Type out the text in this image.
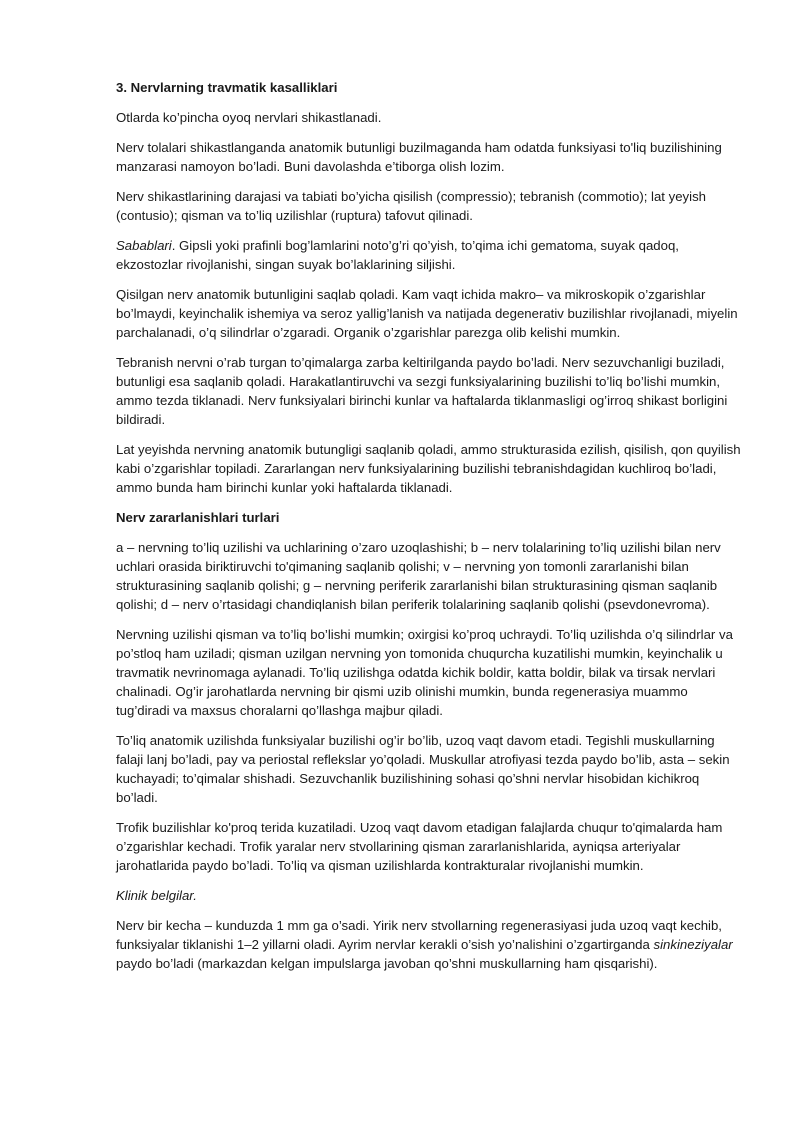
3. Nervlarning travmatik kasalliklari

Otlarda ko’pincha oyoq nervlari shikastlanadi.

Nerv tolalari shikastlanganda anatomik butunligi buzilmaganda ham odatda funksiyasi to'liq buzilishining manzarasi namoyon bo’ladi. Buni davolashda e’tiborga olish lozim.

Nerv shikastlarining darajasi va tabiati bo’yicha qisilish (compressio); tebranish (commotio); lat yeyish (contusio); qisman va to’liq uzilishlar (ruptura) tafovut qilinadi.

Sabablari. Gipsli yoki prafinli bog’lamlarini noto’g’ri qo’yish, to’qima ichi gematoma, suyak qadoq, ekzostozlar rivojlanishi, singan suyak bo’laklarining siljishi.

Qisilgan nerv anatomik butunligini saqlab qoladi. Kam vaqt ichida makro– va mikroskopik o’zgarishlar bo’lmaydi, keyinchalik ishemiya va seroz yallig’lanish va natijada degenerativ buzilishlar rivojlanadi, miyelin parchalanadi, o’q silindrlar o’zgaradi. Organik o’zgarishlar parezga olib kelishi mumkin.

Tebranish nervni o’rab turgan to’qimalarga zarba keltirilganda paydo bo’ladi. Nerv sezuvchanligi buziladi, butunligi esa saqlanib qoladi. Harakatlantiruvchi va sezgi funksiyalarining buzilishi to’liq bo’lishi mumkin, ammo tezda tiklanadi. Nerv funksiyalari birinchi kunlar va haftalarda tiklanmasligi og’irroq shikast borligini bildiradi.

Lat yeyishda nervning anatomik butungligi saqlanib qoladi, ammo strukturasida ezilish, qisilish, qon quyilish kabi o’zgarishlar topiladi. Zararlangan nerv funksiyalarining buzilishi tebranishdagidan kuchliroq bo’ladi, ammo bunda ham birinchi kunlar yoki haftalarda tiklanadi.

Nerv zararlanishlari turlari

a – nervning to’liq uzilishi va uchlarining o’zaro uzoqlashishi; b – nerv tolalarining to’liq uzilishi bilan nerv uchlari orasida biriktiruvchi to'qimaning saqlanib qolishi; v – nervning yon tomonli zararlanishi bilan strukturasining saqlanib qolishi; g – nervning periferik zararlanishi bilan strukturasining qisman saqlanib qolishi; d – nerv o’rtasidagi chandiqlanish bilan periferik tolalarining saqlanib qolishi (psevdonevroma).

Nervning uzilishi qisman va to’liq bo’lishi mumkin; oxirgisi ko’proq uchraydi. To’liq uzilishda o’q silindrlar va po’stloq ham uziladi; qisman uzilgan nervning yon tomonida chuqurcha kuzatilishi mumkin, keyinchalik u travmatik nevrinomaga aylanadi. To’liq uzilishga odatda kichik boldir, katta boldir, bilak va tirsak nervlari chalinadi. Og’ir jarohatlarda nervning bir qismi uzib olinishi mumkin, bunda regenerasiya muammo tug’diradi va maxsus choralarni qo’llashga majbur qiladi.

To’liq anatomik uzilishda funksiyalar buzilishi og’ir bo’lib, uzoq vaqt davom etadi. Tegishli muskullarning falaji lanj bo’ladi, pay va periostal reflekslar yo’qoladi. Muskullar atrofiyasi tezda paydo bo’lib, asta – sekin kuchayadi; to’qimalar shishadi. Sezuvchanlik buzilishining sohasi qo’shni nervlar hisobidan kichikroq bo’ladi.

Trofik buzilishlar ko'proq terida kuzatiladi. Uzoq vaqt davom etadigan falajlarda chuqur to'qimalarda ham o’zgarishlar kechadi. Trofik yaralar nerv stvollarining qisman zararlanishlarida, ayniqsa arteriyalar jarohatlarida paydo bo’ladi. To’liq va qisman uzilishlarda kontrakturalar rivojlanishi mumkin.

Klinik belgilar.

Nerv bir kecha – kunduzda 1 mm ga o’sadi. Yirik nerv stvollarning regenerasiyasi juda uzoq vaqt kechib, funksiyalar tiklanishi 1–2 yillarni oladi. Ayrim nervlar kerakli o’sish yo’nalishini o’zgartirganda sinkineziyalar paydo bo’ladi (markazdan kelgan impulslarga javoban qo’shni muskullarning ham qisqarishi).
